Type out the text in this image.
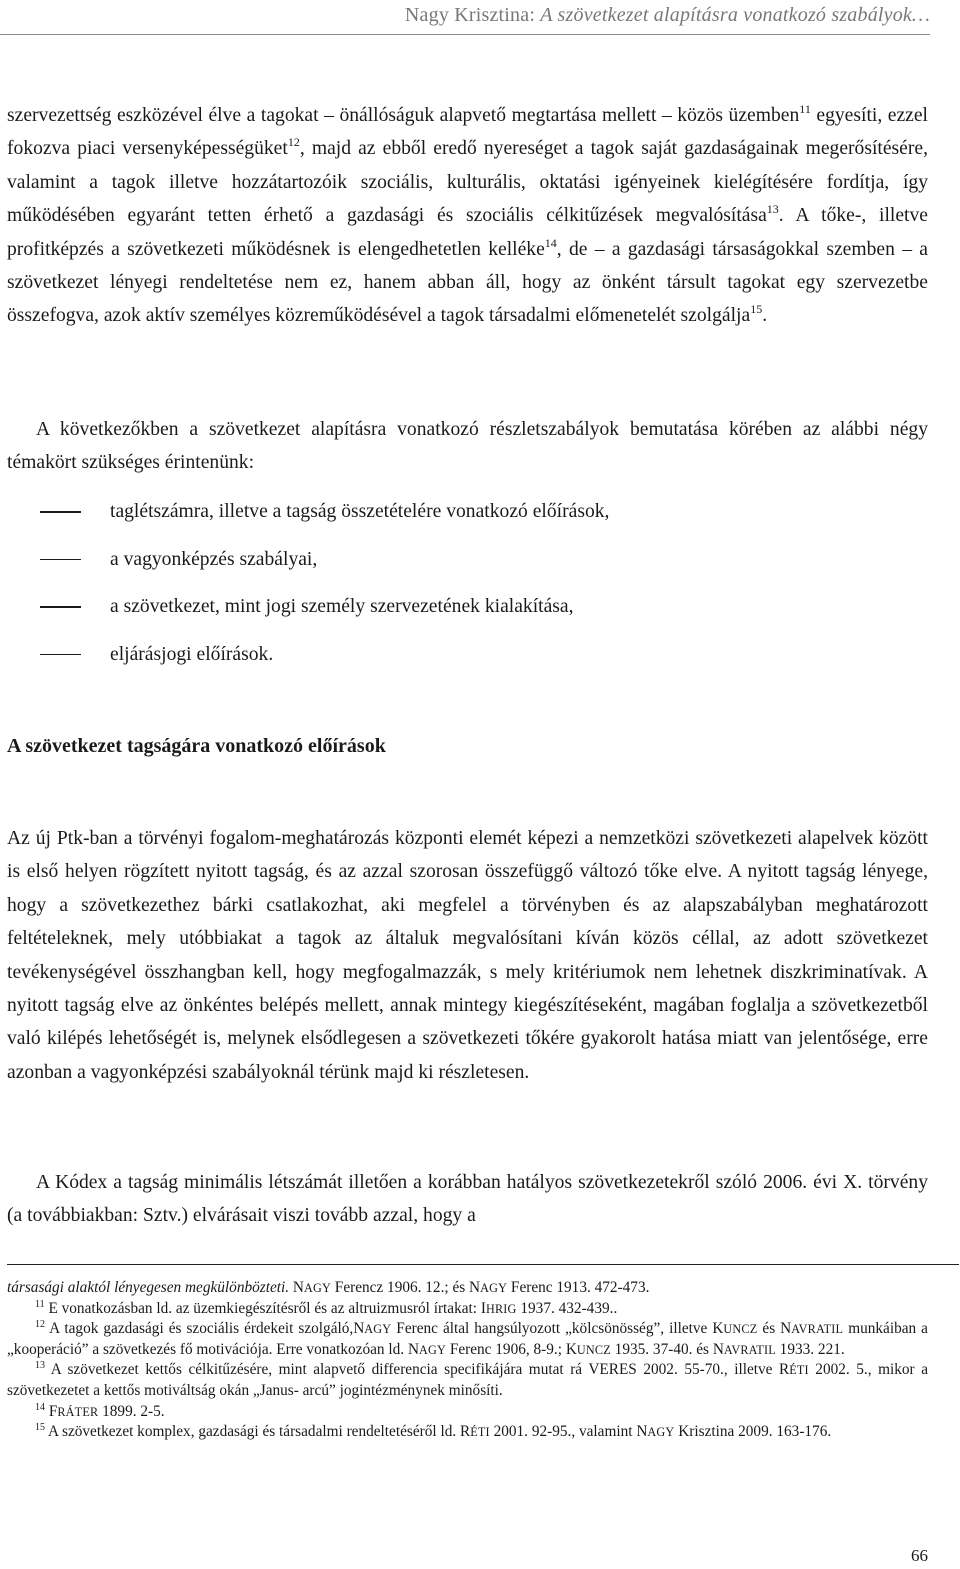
Nagy Krisztina: A szövetkezet alapításra vonatkozó szabályok…

szervezettség eszközével élve a tagokat – önállóságuk alapvető megtartása mellett – közös üzemben$^{11}$ egyesíti, ezzel fokozva piaci versenyképességüket$^{12}$, majd az ebből eredő nyereséget a tagok saját gazdaságainak megerősítésére, valamint a tagok illetve hozzátartozóik szociális, kulturális, oktatási igényeinek kielégítésére fordítja, így működésében egyaránt tetten érhető a gazdasági és szociális célkitűzések megvalósítása$^{13}$. A tőke-, illetve profitképzés a szövetkezeti működésnek is elengedhetetlen kelléke$^{14}$, de – a gazdasági társaságokkal szemben – a szövetkezet lényegi rendeltetése nem ez, hanem abban áll, hogy az önként társult tagokat egy szervezetbe összefogva, azok aktív személyes közreműködésével a tagok társadalmi előmenetelét szolgálja$^{15}$.

A következőkben a szövetkezet alapításra vonatkozó részletszabályok bemutatása körében az alábbi négy témakört szükséges érintenünk:

taglétszámra, illetve a tagság összetételére vonatkozó előírások,
a vagyonképzés szabályai,
a szövetkezet, mint jogi személy szervezetének kialakítása,
eljárásjogi előírások.
A szövetkezet tagságára vonatkozó előírások

Az új Ptk-ban a törvényi fogalom-meghatározás központi elemét képezi a nemzetközi szövetkezeti alapelvek között is első helyen rögzített nyitott tagság, és az azzal szorosan összefüggő változó tőke elve. A nyitott tagság lényege, hogy a szövetkezethez bárki csatlakozhat, aki megfelel a törvényben és az alapszabályban meghatározott feltételeknek, mely utóbbiakat a tagok az általuk megvalósítani kíván közös céllal, az adott szövetkezet tevékenységével összhangban kell, hogy megfogalmazzák, s mely kritériumok nem lehetnek diszkriminatívak. A nyitott tagság elve az önkéntes belépés mellett, annak mintegy kiegészítéseként, magában foglalja a szövetkezetből való kilépés lehetőségét is, melynek elsődlegesen a szövetkezeti tőkére gyakorolt hatása miatt van jelentősége, erre azonban a vagyonképzési szabályoknál térünk majd ki részletesen.

A Kódex a tagság minimális létszámát illetően a korábban hatályos szövetkezetekről szóló 2006. évi X. törvény (a továbbiakban: Sztv.) elvárásait viszi tovább azzal, hogy a

társasági alaktól lényegesen megkülönbözteti. NAGY Ferencz 1906. 12.; és NAGY Ferenc 1913. 472-473.

$^{11}$ E vonatkozásban ld. az üzemkiegészítésről és az altruizmusról írtakat: IHRIG 1937. 432-439..

$^{12}$ A tagok gazdasági és szociális érdekeit szolgáló,NAGY Ferenc által hangsúlyozott „kölcsönösség”, illetve KUNCZ és NAVRATIL munkáiban a „kooperáció” a szövetkezés fő motivációja. Erre vonatkozóan ld. NAGY Ferenc 1906, 8-9.; KUNCZ 1935. 37-40. és NAVRATIL 1933. 221.

$^{13}$ A szövetkezet kettős célkitűzésére, mint alapvető differencia specifikájára mutat rá VERES 2002. 55-70., illetve RÉTI 2002. 5., mikor a szövetkezetet a kettős motiváltság okán „Janus- arcú” jogintézménynek minősíti.

$^{14}$ FRÁTER 1899. 2-5.

$^{15}$ A szövetkezet komplex, gazdasági és társadalmi rendeltetéséről ld. RÉTI 2001. 92-95., valamint NAGY Krisztina 2009. 163-176.

66
